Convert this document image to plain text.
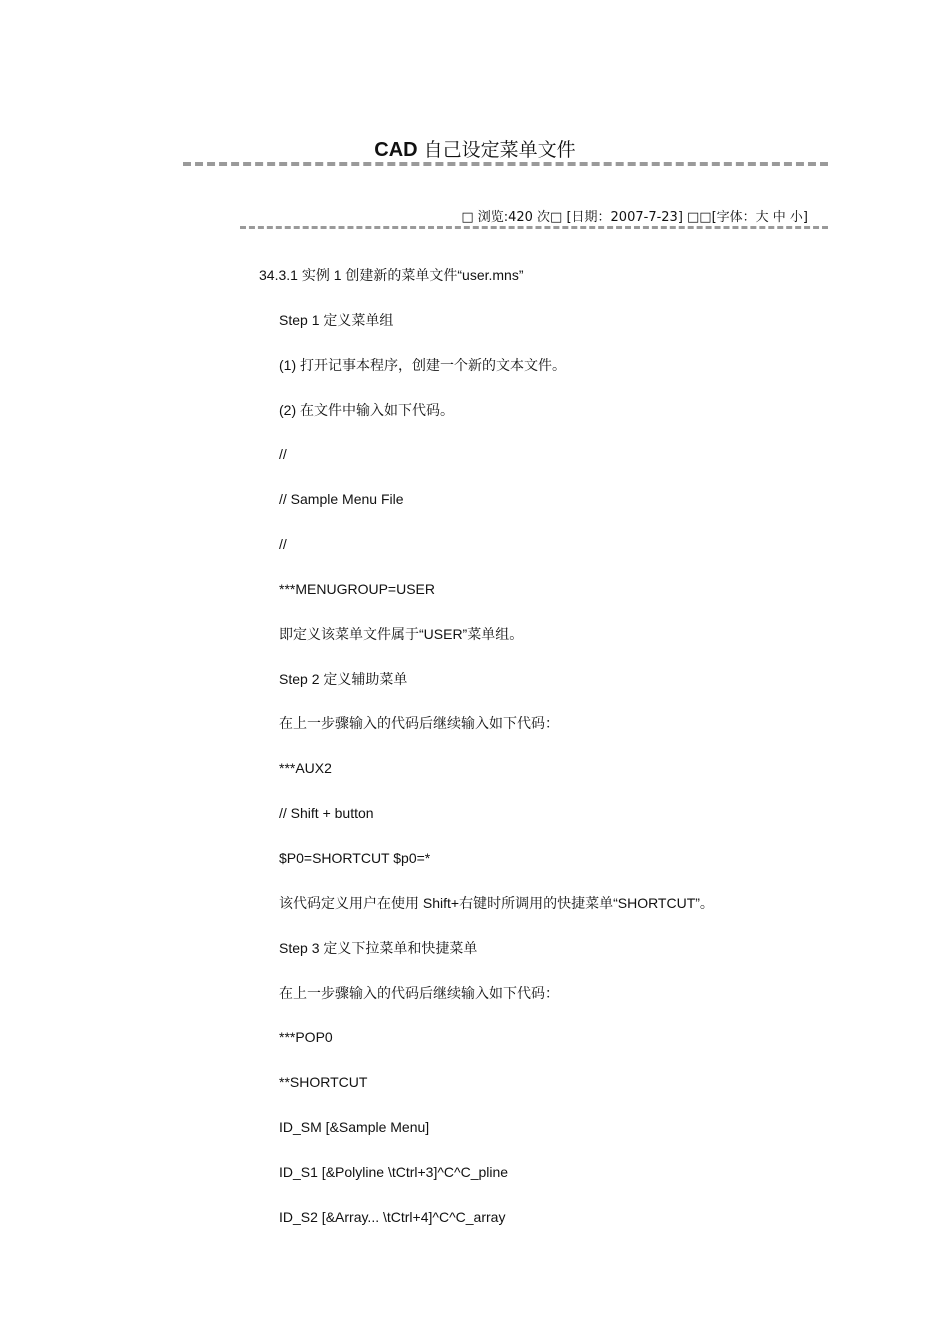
CAD 自己设定菜单文件
□ 浏览:420 次□ [日期：2007-7-23] □□[字体：大 中 小]
34.3.1 实例 1 创建新的菜单文件“user.mns”
Step 1 定义菜单组
(1) 打开记事本程序，创建一个新的文本文件。
(2) 在文件中输入如下代码。
//
// Sample Menu File
//
***MENUGROUP=USER
即定义该菜单文件属于“USER”菜单组。
Step 2 定义辅助菜单
在上一步骤输入的代码后继续输入如下代码：
***AUX2
// Shift + button
$P0=SHORTCUT $p0=*
该代码定义用户在使用 Shift+右键时所调用的快捷菜单“SHORTCUT”。
Step 3 定义下拉菜单和快捷菜单
在上一步骤输入的代码后继续输入如下代码：
***POP0
**SHORTCUT
ID_SM [&Sample Menu]
ID_S1 [&Polyline \tCtrl+3]^C^C_pline
ID_S2 [&Array... \tCtrl+4]^C^C_array
